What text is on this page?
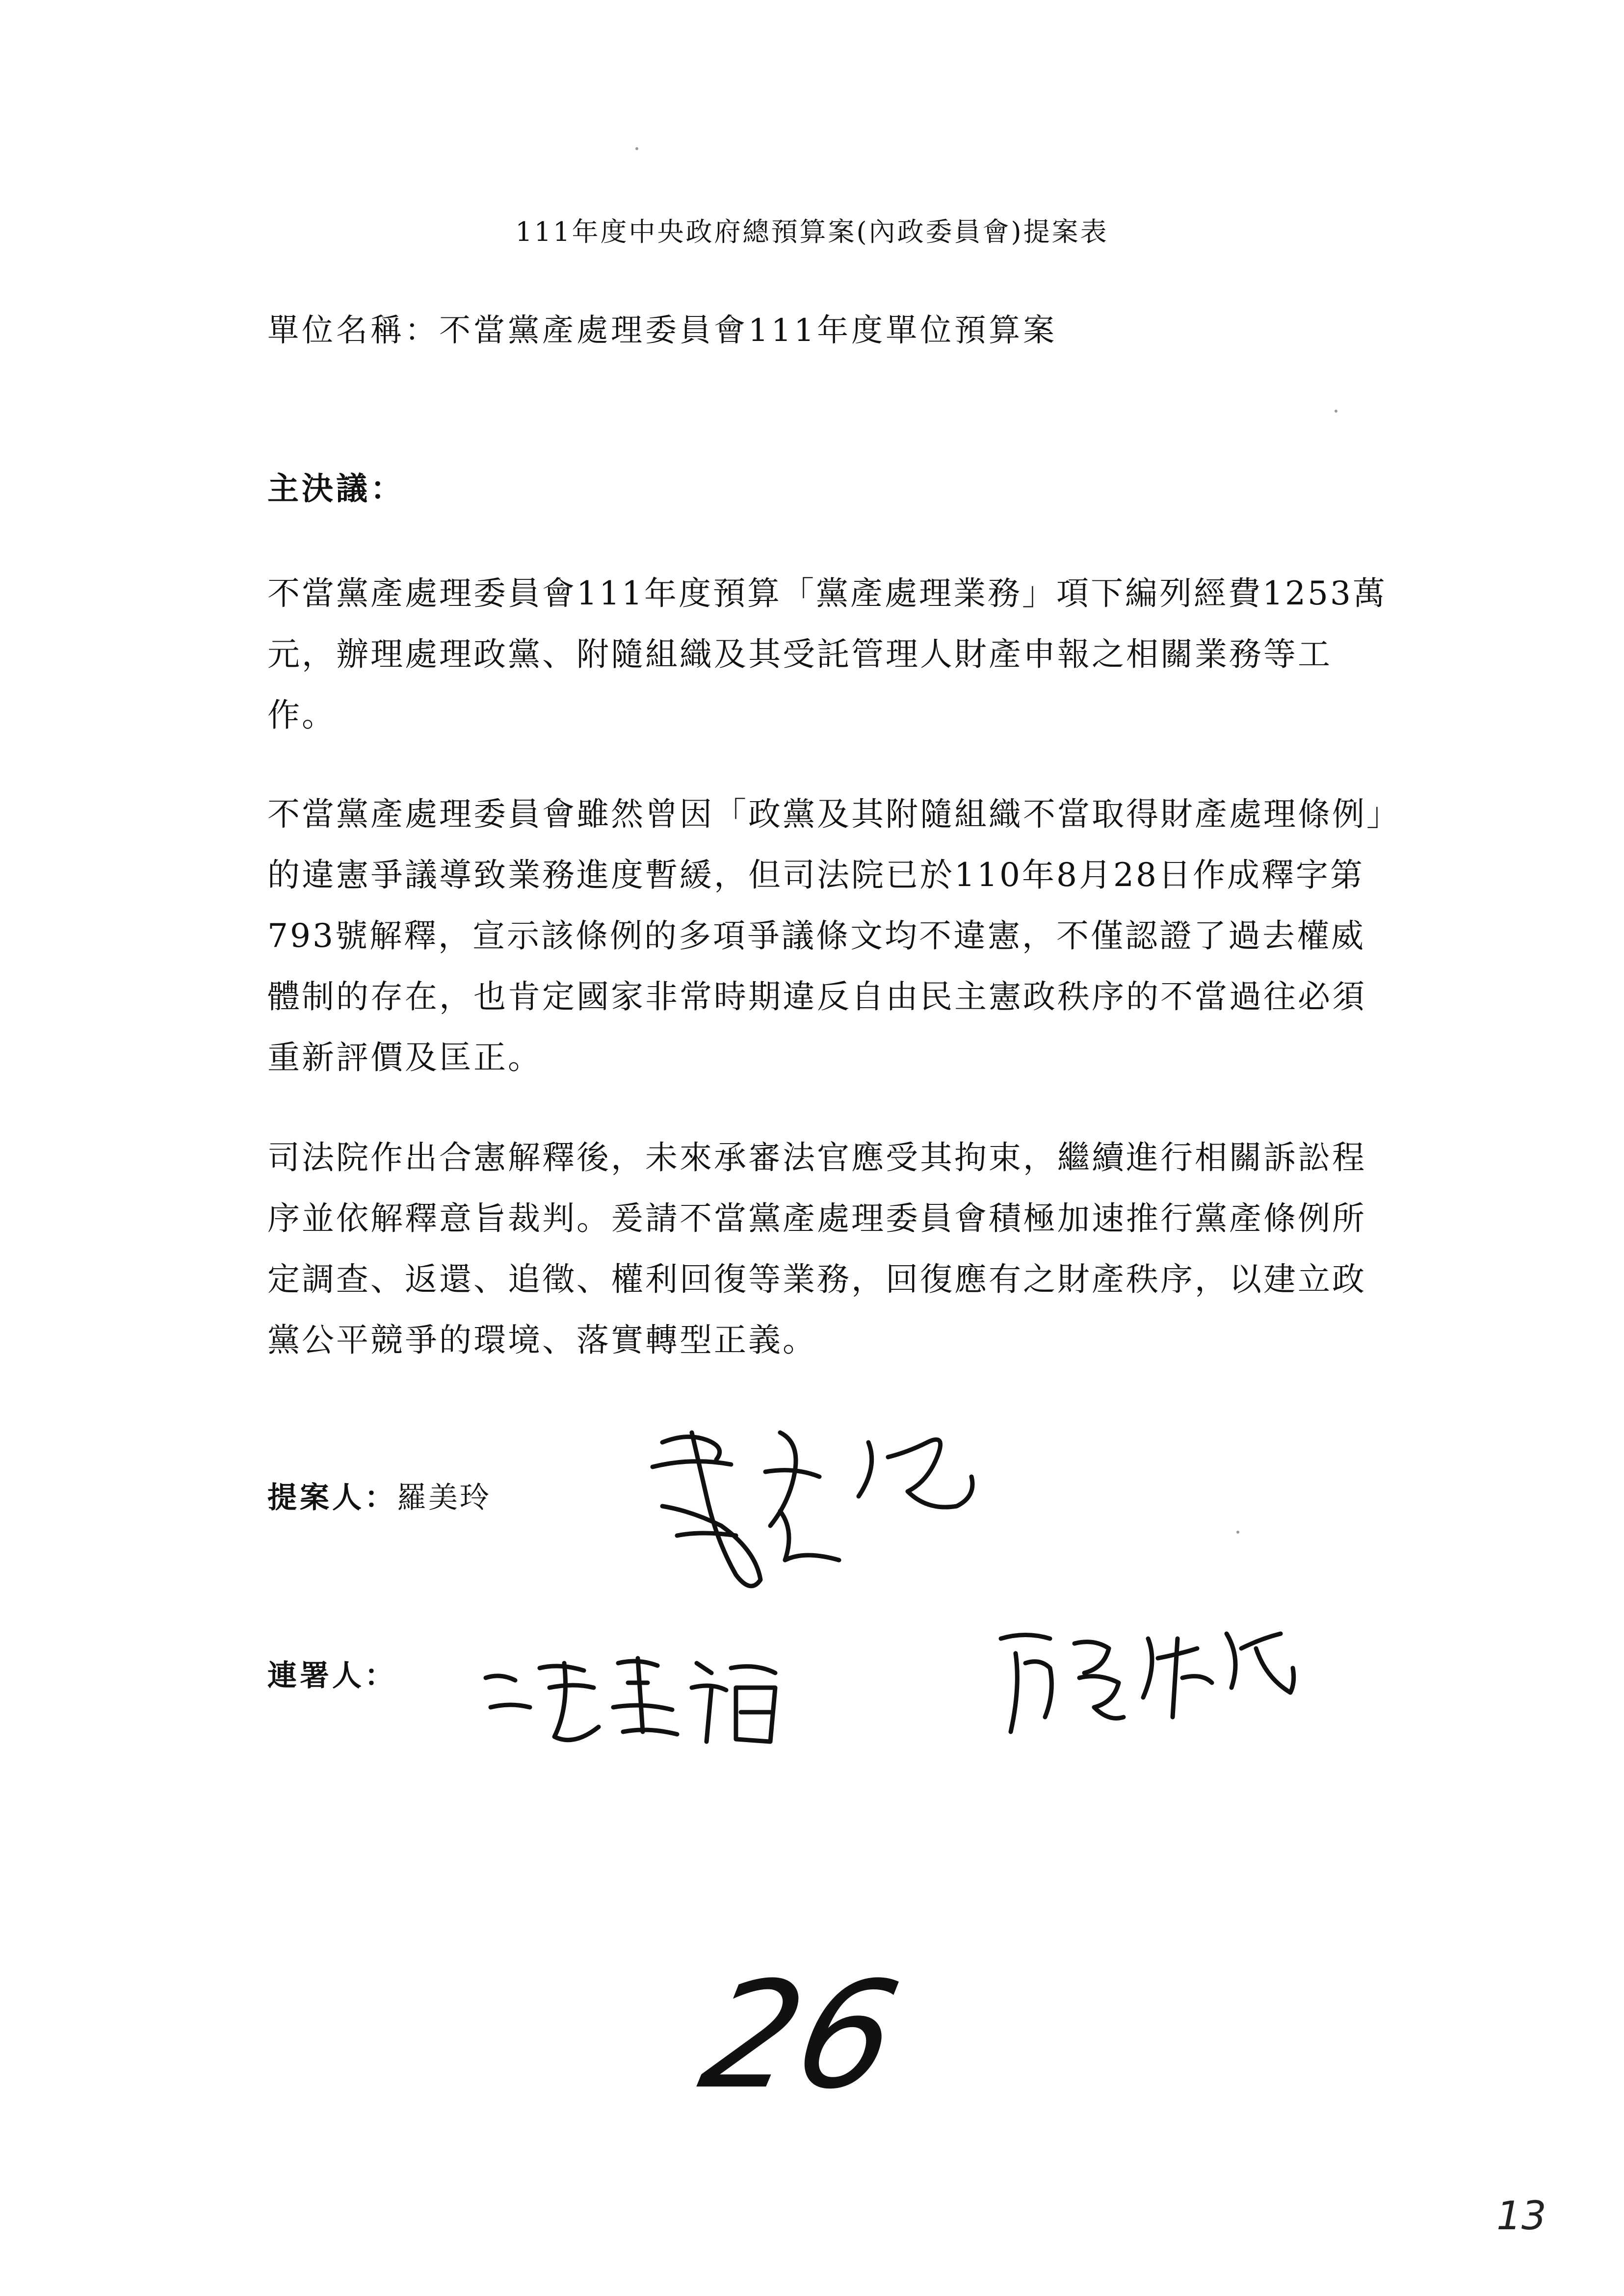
111年度中央政府總預算案(內政委員會)提案表
單位名稱：不當黨產處理委員會111年度單位預算案
主決議：

不當黨產處理委員會111年度預算「黨產處理業務」項下編列經費1253萬元，辦理處理政黨、附隨組織及其受託管理人財產申報之相關業務等工作。

不當黨產處理委員會雖然曾因「政黨及其附隨組織不當取得財產處理條例」的違憲爭議導致業務進度暫緩，但司法院已於110年8月28日作成釋字第793號解釋，宣示該條例的多項爭議條文均不違憲，不僅認證了過去權威體制的存在，也肯定國家非常時期違反自由民主憲政秩序的不當過往必須重新評價及匡正。

司法院作出合憲解釋後，未來承審法官應受其拘束，繼續進行相關訴訟程序並依解釋意旨裁判。爰請不當黨產處理委員會積極加速推行黨產條例所定調查、返還、追徵、權利回復等業務，回復應有之財產秩序，以建立政黨公平競爭的環境、落實轉型正義。

提案人：羅美玲
連署人：
26
13
